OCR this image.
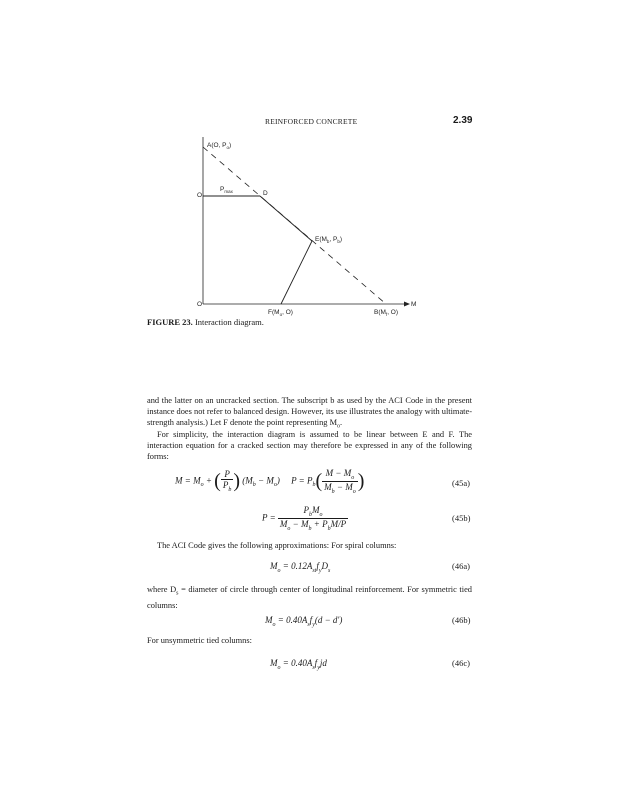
REINFORCED CONCRETE	2.39
A(O, $P_o$)
$P_{max}$
O	D
$E(M_b$, $P_b$)
O
$F(M_o$, O)	$B(M_f$, O)
M
FIGURE 23. Interaction diagram.
and the latter on an uncracked section. The subscript b as used by the ACI Code in the present instance does not refer to balanced design. However, its use illustrates the analogy with ultimate-strength analysis.) Let F denote the point representing $M_o$.
For simplicity, the interaction diagram is assumed to be linear between E and F. The interaction equation for a cracked section may therefore be expressed in any of the following forms:
$M = M_o$ + ( $\frac{P}{P_b}$ ) $(M_b - M_o)$     $P = P_b( \frac{M - M_o}{M_b - M_o}$ )	(45a)
$P = \frac{P_bM_o}{M_o - M_b + P_bM/P}$	(45b)
The ACI Code gives the following approximations: For spiral columns:
$M_o = 0.12A_{st}f_yD_s$	(46a)
where $D_s$ = diameter of circle through center of longitudinal reinforcement. For symmetric tied columns:
$M_o = 0.40A_sf_y(d - d')$	(46b)
For unsymmetric tied columns:
$M_o = 0.40A_sf_yjd$	(46c)
